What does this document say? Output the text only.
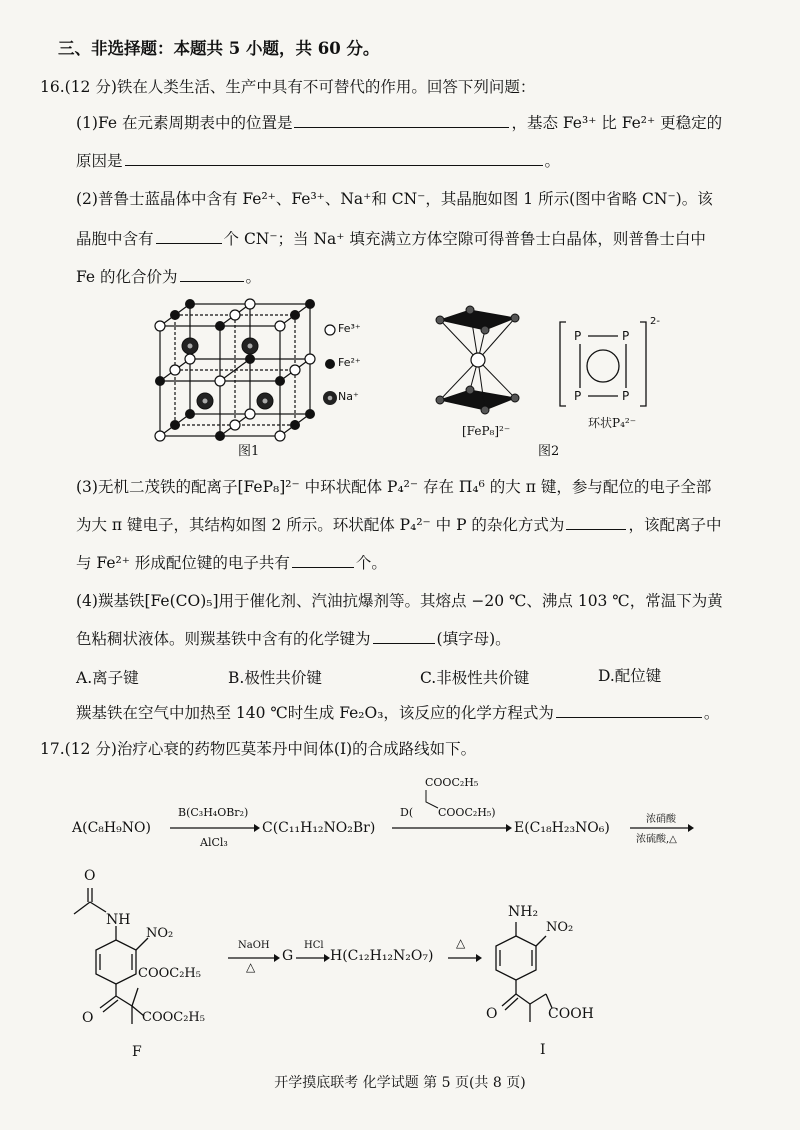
三、非选择题：本题共 5 小题，共 60 分。
16.(12 分)铁在人类生活、生产中具有不可替代的作用。回答下列问题：
(1)Fe 在元素周期表中的位置是	，基态 Fe³⁺ 比 Fe²⁺ 更稳定的
原因是	。
(2)普鲁士蓝晶体中含有 Fe²⁺、Fe³⁺、Na⁺和 CN⁻，其晶胞如图 1 所示(图中省略 CN⁻)。该
晶胞中含有	个 CN⁻；当 Na⁺ 填充满立方体空隙可得普鲁士白晶体，则普鲁士白中
Fe 的化合价为	。
Fe³⁺
Fe²⁺
Na⁺
图1
[FeP₈]²⁻
P	P
P	P
2-
环状P₄²⁻
图2
(3)无机二茂铁的配离子[FeP₈]²⁻ 中环状配体 P₄²⁻ 存在 Π₄⁶ 的大 π 键，参与配位的电子全部
为大 π 键电子，其结构如图 2 所示。环状配体 P₄²⁻ 中 P 的杂化方式为	，该配离子中
与 Fe²⁺ 形成配位键的电子共有	个。
(4)羰基铁[Fe(CO)₅]用于催化剂、汽油抗爆剂等。其熔点 −20 ℃、沸点 103 ℃，常温下为黄
色粘稠状液体。则羰基铁中含有的化学键为	(填字母)。
A.离子键	B.极性共价键	C.非极性共价键	D.配位键
羰基铁在空气中加热至 140 ℃时生成 Fe₂O₃，该反应的化学方程式为	。
17.(12 分)治疗心衰的药物匹莫苯丹中间体(I)的合成路线如下。
A(C₈H₉NO)
B(C₃H₄OBr₂)
AlCl₃
C(C₁₁H₁₂NO₂Br)
D(
COOC₂H₅
COOC₂H₅)
E(C₁₈H₂₃NO₆)
浓硝酸
浓硫酸,△
O
NH
NO₂
COOC₂H₅
O	COOC₂H₅
F
NaOH
△
G
HCl
H(C₁₂H₁₂N₂O₇)
△
NH₂
NO₂
O	COOH
I
开学摸底联考 化学试题 第 5 页(共 8 页)
